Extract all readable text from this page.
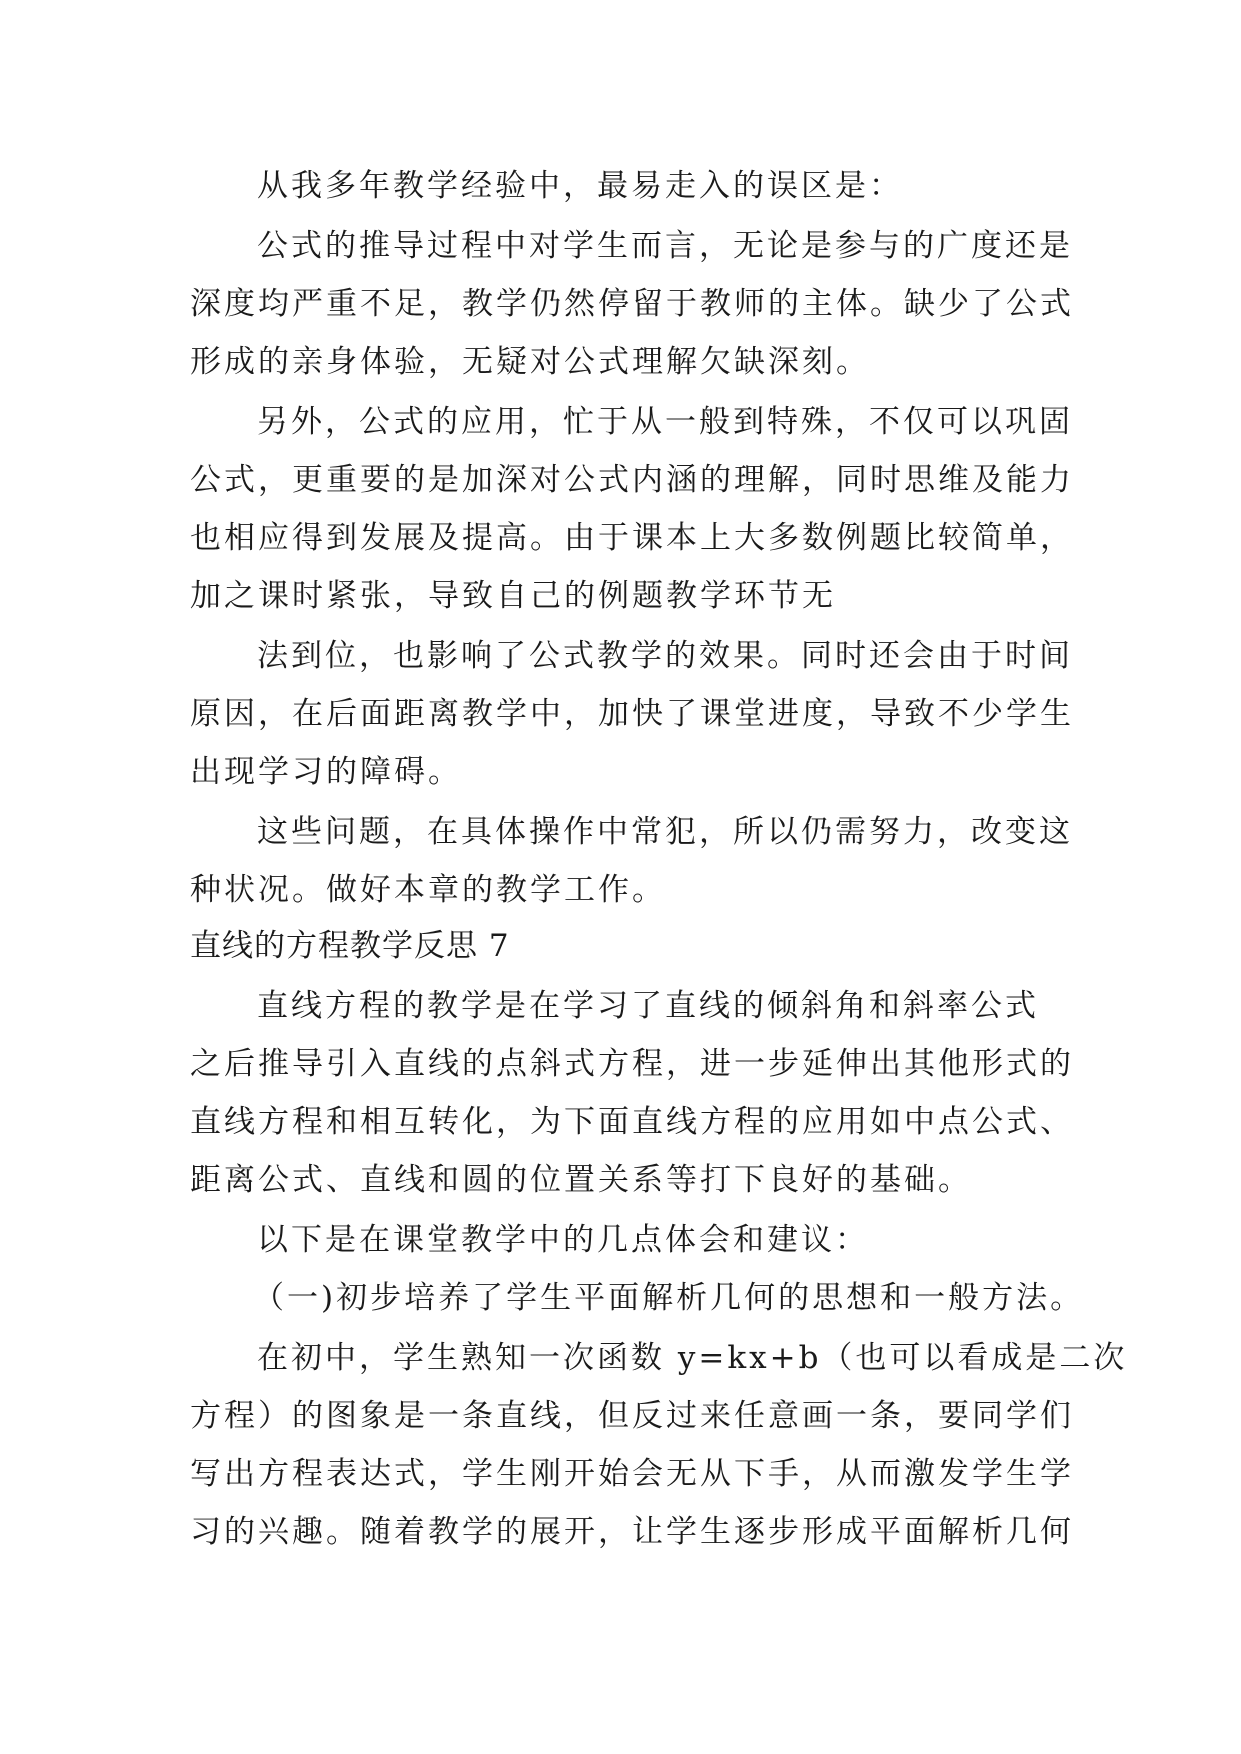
从我多年教学经验中，最易走入的误区是：
公式的推导过程中对学生而言，无论是参与的广度还是
深度均严重不足，教学仍然停留于教师的主体。缺少了公式
形成的亲身体验，无疑对公式理解欠缺深刻。
另外，公式的应用，忙于从一般到特殊，不仅可以巩固
公式，更重要的是加深对公式内涵的理解，同时思维及能力
也相应得到发展及提高。由于课本上大多数例题比较简单，
加之课时紧张，导致自己的例题教学环节无
法到位，也影响了公式教学的效果。同时还会由于时间
原因，在后面距离教学中，加快了课堂进度，导致不少学生
出现学习的障碍。
这些问题，在具体操作中常犯，所以仍需努力，改变这
种状况。做好本章的教学工作。
直线的方程教学反思 7
直线方程的教学是在学习了直线的倾斜角和斜率公式
之后推导引入直线的点斜式方程，进一步延伸出其他形式的
直线方程和相互转化，为下面直线方程的应用如中点公式、
距离公式、直线和圆的位置关系等打下良好的基础。
以下是在课堂教学中的几点体会和建议：
（一)初步培养了学生平面解析几何的思想和一般方法。
在初中，学生熟知一次函数 y=kx+b（也可以看成是二次
方程）的图象是一条直线，但反过来任意画一条，要同学们
写出方程表达式，学生刚开始会无从下手，从而激发学生学
习的兴趣。随着教学的展开，让学生逐步形成平面解析几何
